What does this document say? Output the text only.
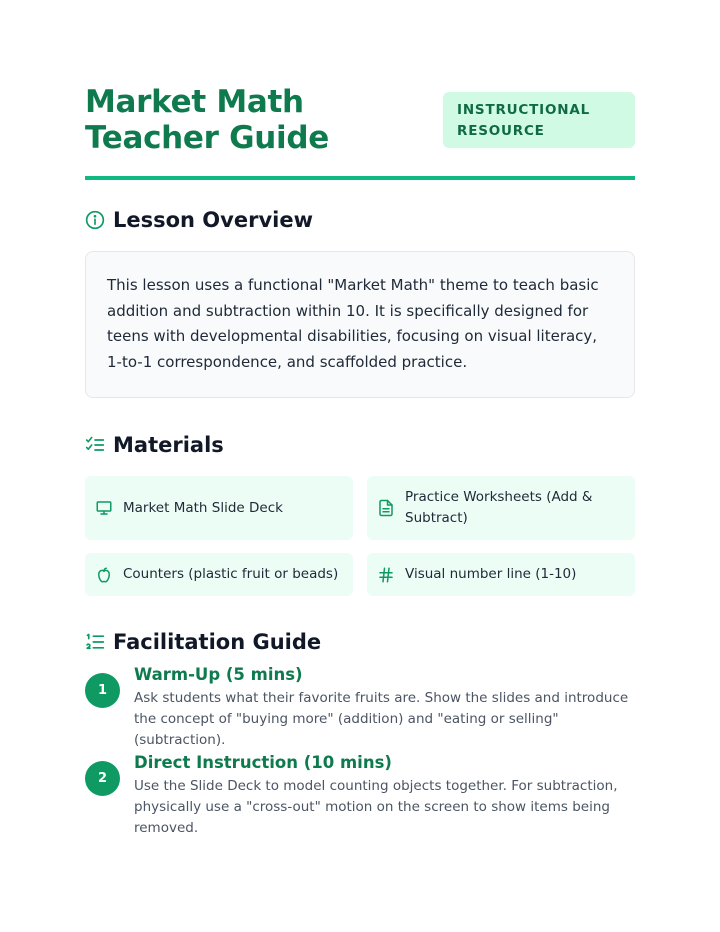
Market Math Teacher Guide
INSTRUCTIONAL RESOURCE
Lesson Overview

This lesson uses a functional "Market Math" theme to teach basic addition and subtraction within 10. It is specifically designed for teens with developmental disabilities, focusing on visual literacy, 1-to-1 correspondence, and scaffolded practice.

Materials
Market Math Slide Deck
Practice Worksheets (Add & Subtract)
Counters (plastic fruit or beads)	Visual number line (1-10)
Facilitation Guide
1
Warm-Up (5 mins)
Ask students what their favorite fruits are. Show the slides and introduce the concept of "buying more" (addition) and "eating or selling" (subtraction).
2
Direct Instruction (10 mins)
Use the Slide Deck to model counting objects together. For subtraction, physically use a "cross-out" motion on the screen to show items being removed.
